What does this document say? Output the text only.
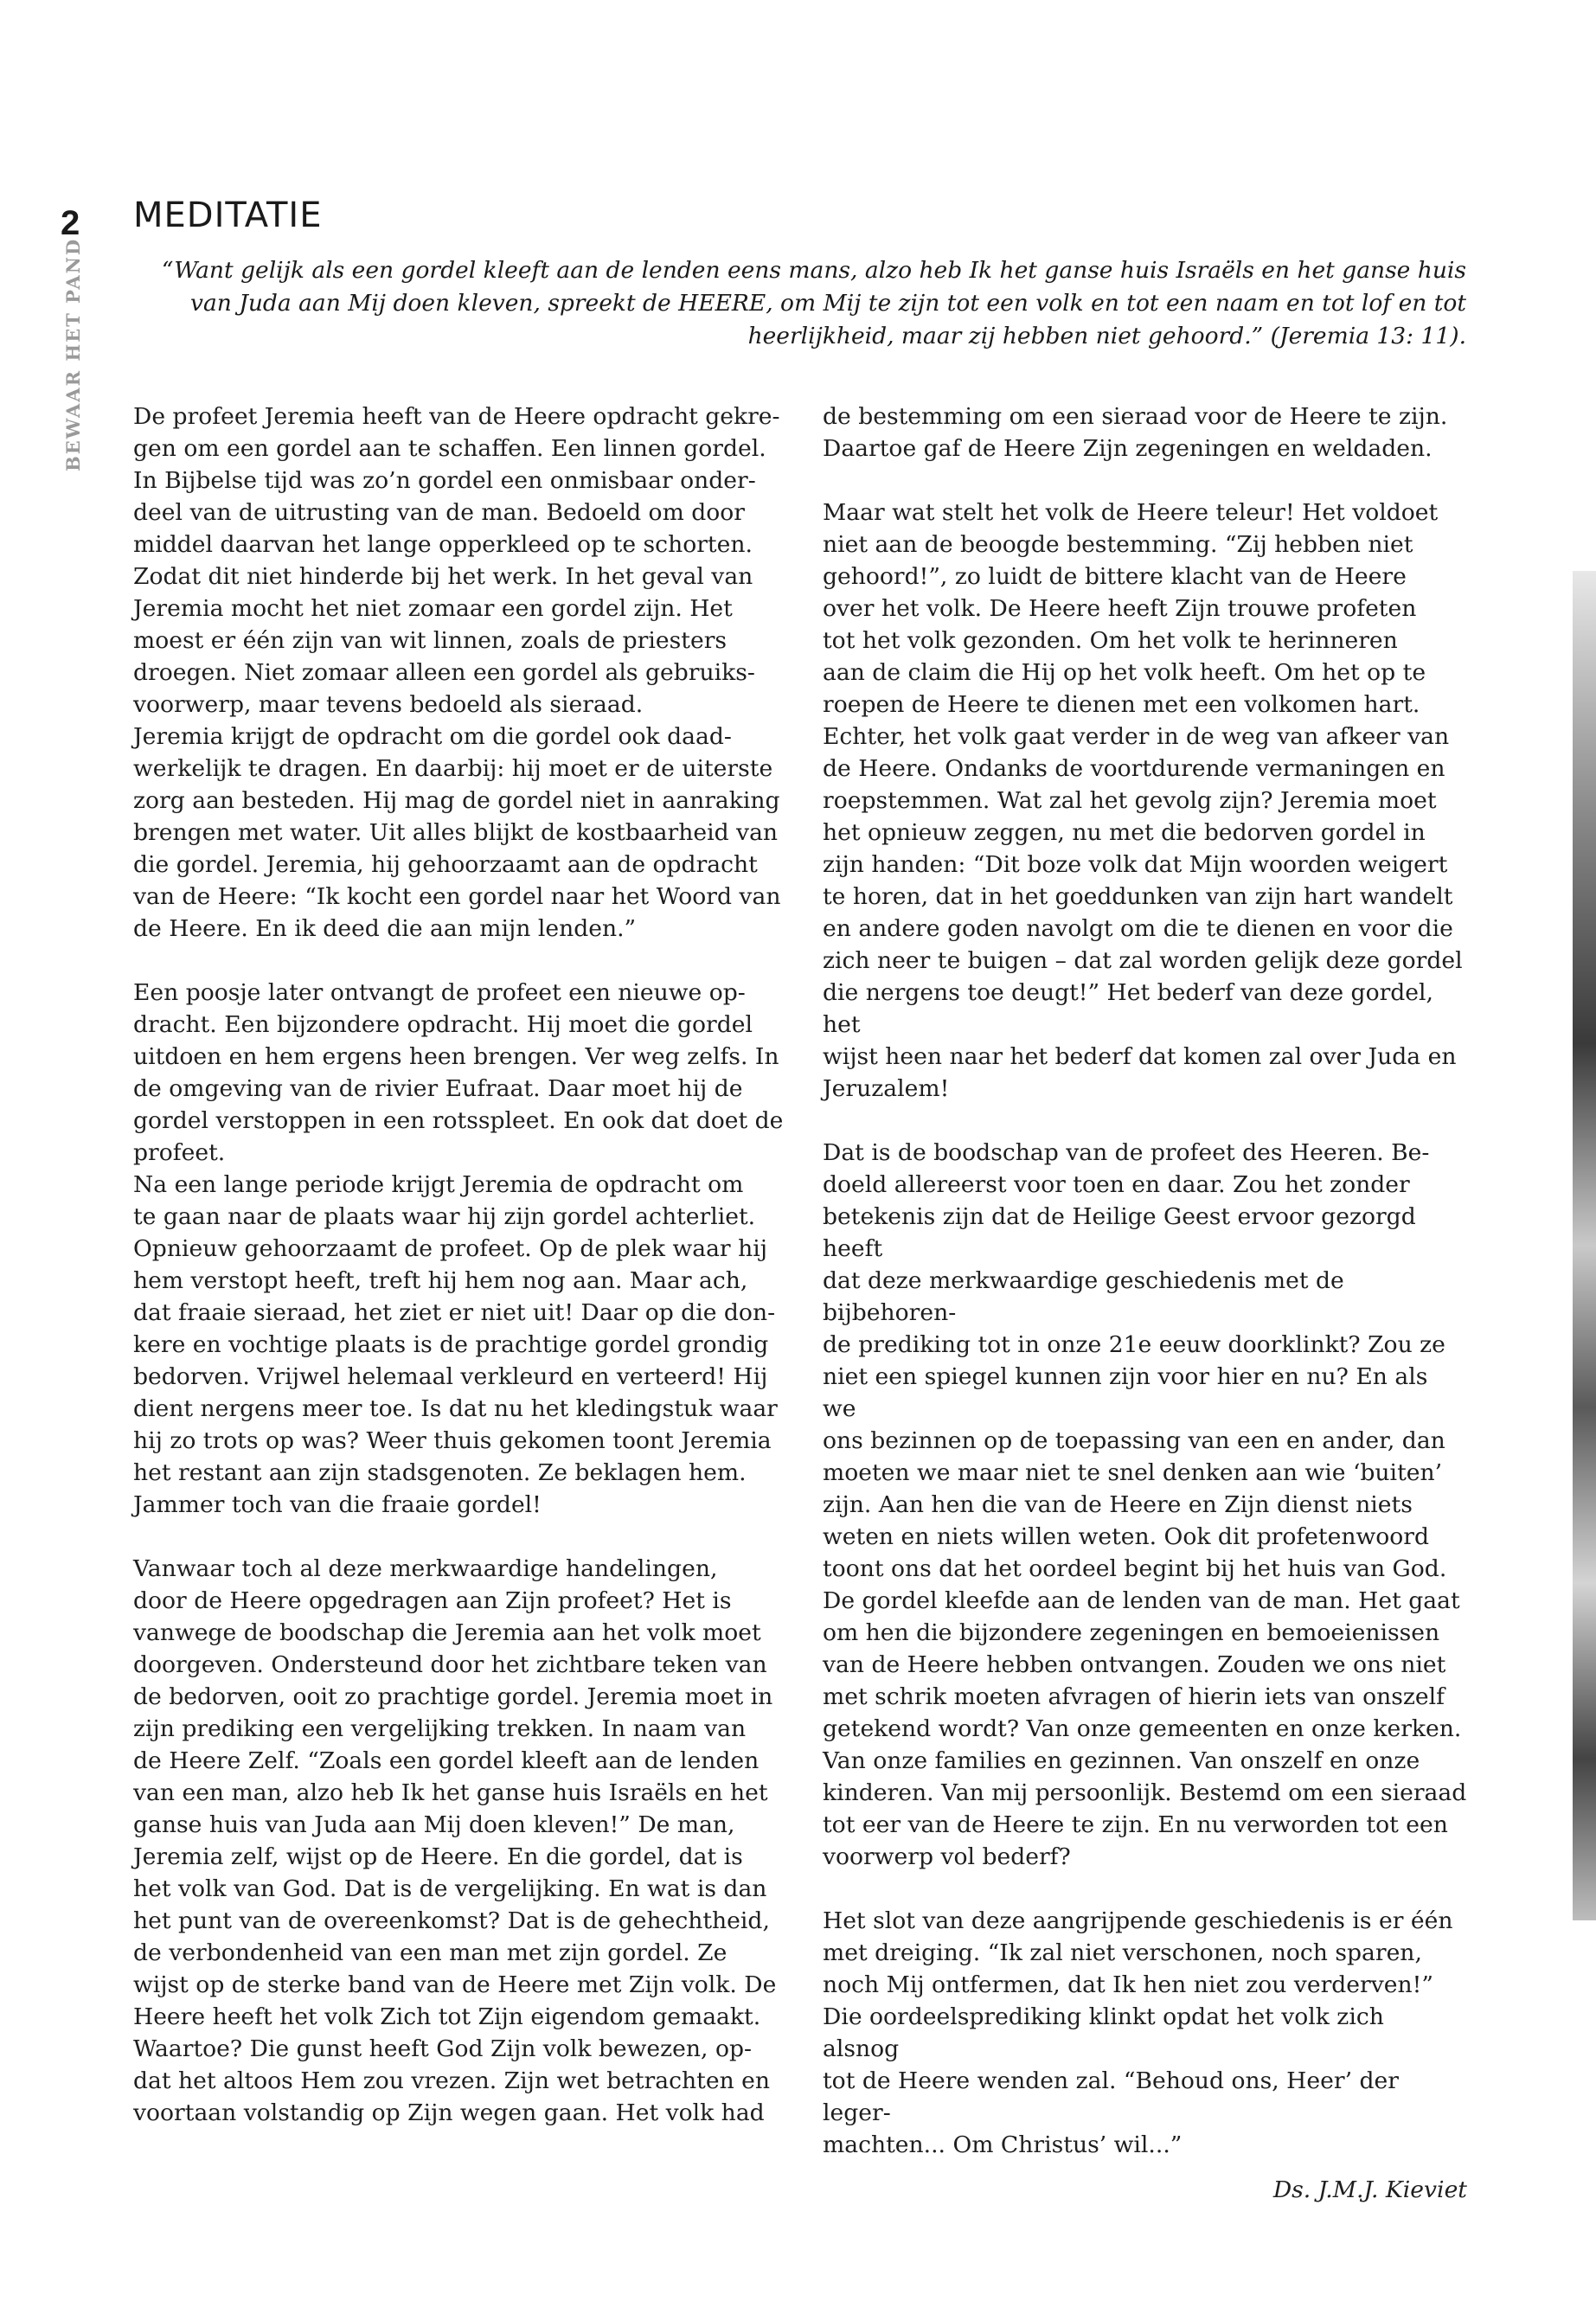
2 MEDITATIE
BEWAAR HET PAND	“Want gelijk als een gordel kleeft aan de lenden eens mans, alzo heb Ik het ganse huis Israëls en het ganse huis van Juda aan Mij doen kleven, spreekt de HEERE, om Mij te zijn tot een volk en tot een naam en tot lof en tot heerlijkheid, maar zij hebben niet gehoord.” (Jeremia 13: 11).

De profeet Jeremia heeft van de Heere opdracht gekre-
gen om een gordel aan te schaffen. Een linnen gordel.
In Bijbelse tijd was zo’n gordel een onmisbaar onder-
deel van de uitrusting van de man. Bedoeld om door
middel daarvan het lange opperkleed op te schorten.
Zodat dit niet hinderde bij het werk. In het geval van
Jeremia mocht het niet zomaar een gordel zijn. Het
moest er één zijn van wit linnen, zoals de priesters
droegen. Niet zomaar alleen een gordel als gebruiks-
voorwerp, maar tevens bedoeld als sieraad.

Jeremia krijgt de opdracht om die gordel ook daad-
werkelijk te dragen. En daarbij: hij moet er de uiterste
zorg aan besteden. Hij mag de gordel niet in aanraking
brengen met water. Uit alles blijkt de kostbaarheid van
die gordel. Jeremia, hij gehoorzaamt aan de opdracht
van de Heere: “Ik kocht een gordel naar het Woord van
de Heere. En ik deed die aan mijn lenden.”

Een poosje later ontvangt de profeet een nieuwe op-
dracht. Een bijzondere opdracht. Hij moet die gordel
uitdoen en hem ergens heen brengen. Ver weg zelfs. In
de omgeving van de rivier Eufraat. Daar moet hij de
gordel verstoppen in een rotsspleet. En ook dat doet de
profeet.

Na een lange periode krijgt Jeremia de opdracht om
te gaan naar de plaats waar hij zijn gordel achterliet.
Opnieuw gehoorzaamt de profeet. Op de plek waar hij
hem verstopt heeft, treft hij hem nog aan. Maar ach,
dat fraaie sieraad, het ziet er niet uit! Daar op die don-
kere en vochtige plaats is de prachtige gordel grondig
bedorven. Vrijwel helemaal verkleurd en verteerd! Hij
dient nergens meer toe. Is dat nu het kledingstuk waar
hij zo trots op was? Weer thuis gekomen toont Jeremia
het restant aan zijn stadsgenoten. Ze beklagen hem.
Jammer toch van die fraaie gordel!

Vanwaar toch al deze merkwaardige handelingen,
door de Heere opgedragen aan Zijn profeet? Het is
vanwege de boodschap die Jeremia aan het volk moet
doorgeven. Ondersteund door het zichtbare teken van
de bedorven, ooit zo prachtige gordel. Jeremia moet in
zijn prediking een vergelijking trekken. In naam van
de Heere Zelf. “Zoals een gordel kleeft aan de lenden
van een man, alzo heb Ik het ganse huis Israëls en het
ganse huis van Juda aan Mij doen kleven!” De man,
Jeremia zelf, wijst op de Heere. En die gordel, dat is
het volk van God. Dat is de vergelijking. En wat is dan
het punt van de overeenkomst? Dat is de gehechtheid,
de verbondenheid van een man met zijn gordel. Ze
wijst op de sterke band van de Heere met Zijn volk. De
Heere heeft het volk Zich tot Zijn eigendom gemaakt.
Waartoe? Die gunst heeft God Zijn volk bewezen, op-
dat het altoos Hem zou vrezen. Zijn wet betrachten en
voortaan volstandig op Zijn wegen gaan. Het volk had

de bestemming om een sieraad voor de Heere te zijn.
Daartoe gaf de Heere Zijn zegeningen en weldaden.

Maar wat stelt het volk de Heere teleur! Het voldoet
niet aan de beoogde bestemming. “Zij hebben niet
gehoord!”, zo luidt de bittere klacht van de Heere
over het volk. De Heere heeft Zijn trouwe profeten
tot het volk gezonden. Om het volk te herinneren
aan de claim die Hij op het volk heeft. Om het op te
roepen de Heere te dienen met een volkomen hart.
Echter, het volk gaat verder in de weg van afkeer van
de Heere. Ondanks de voortdurende vermaningen en
roepstemmen. Wat zal het gevolg zijn? Jeremia moet
het opnieuw zeggen, nu met die bedorven gordel in
zijn handen: “Dit boze volk dat Mijn woorden weigert
te horen, dat in het goeddunken van zijn hart wandelt
en andere goden navolgt om die te dienen en voor die
zich neer te buigen – dat zal worden gelijk deze gordel
die nergens toe deugt!” Het bederf van deze gordel, het
wijst heen naar het bederf dat komen zal over Juda en
Jeruzalem!

Dat is de boodschap van de profeet des Heeren. Be-
doeld allereerst voor toen en daar. Zou het zonder
betekenis zijn dat de Heilige Geest ervoor gezorgd heeft
dat deze merkwaardige geschiedenis met de bijbehoren-
de prediking tot in onze 21e eeuw doorklinkt? Zou ze
niet een spiegel kunnen zijn voor hier en nu? En als we
ons bezinnen op de toepassing van een en ander, dan
moeten we maar niet te snel denken aan wie ‘buiten’
zijn. Aan hen die van de Heere en Zijn dienst niets
weten en niets willen weten. Ook dit profetenwoord
toont ons dat het oordeel begint bij het huis van God.
De gordel kleefde aan de lenden van de man. Het gaat
om hen die bijzondere zegeningen en bemoeienissen
van de Heere hebben ontvangen. Zouden we ons niet
met schrik moeten afvragen of hierin iets van onszelf
getekend wordt? Van onze gemeenten en onze kerken.
Van onze families en gezinnen. Van onszelf en onze
kinderen. Van mij persoonlijk. Bestemd om een sieraad
tot eer van de Heere te zijn. En nu verworden tot een
voorwerp vol bederf?

Het slot van deze aangrijpende geschiedenis is er één
met dreiging. “Ik zal niet verschonen, noch sparen,
noch Mij ontfermen, dat Ik hen niet zou verderven!”
Die oordeelsprediking klinkt opdat het volk zich alsnog
tot de Heere wenden zal. “Behoud ons, Heer’ der leger-
machten... Om Christus’ wil...”

Ds. J.M.J. Kieviet
